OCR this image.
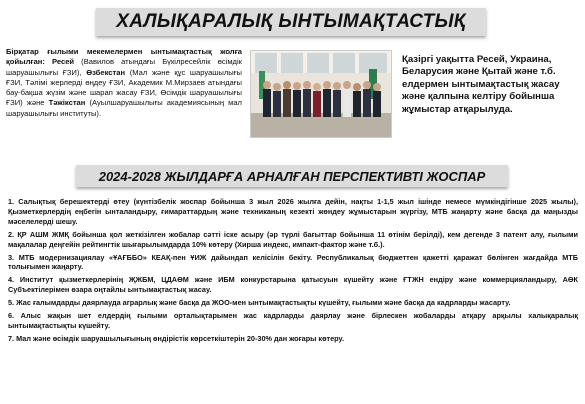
ХАЛЫҚАРАЛЫҚ ЫНТЫМАҚТАСТЫҚ
Бірқатар ғылыми мекемелермен ынтымақтастық жолға қойылған: Ресей (Вавилов атындағы Бүкілресейлік өсімдік шаруашылығы ҒЗИ), Өзбекстан (Мал және құс шаруашылығы ҒЗИ, Тәлімі жерлерді өңдеу ҒЗИ, Академик М.Мирзаев атындағы бау-бақша жүзім және шарап жасау ҒЗИ, Өсімдік шаруашылығы ҒЗИ) және Тәжікстан (Ауылшаруашылығы академиясының мал шаруашылығы институты).
Қазіргі уақытта Ресей, Украина, Беларусия және Қытай және т.б. елдермен ынтымақтастық жасау және қалпына келтіру бойынша жұмыстар атқарылуда.
2024-2028 ЖЫЛДАРҒА АРНАЛҒАН ПЕРСПЕКТИВТІ ЖОСПАР
1. Салықтық берешектерді өтеу (күнтізбелік жоспар бойынша 3 жыл 2026 жылға дейін, нақты 1-1,5 жыл ішінде немесе мүмкіндігінше 2025 жылы), Қызметкерлердің еңбегін ынталандыру, ғимараттардың және техниканың кезекті жөндеу жұмыстарын жүргізу, МТБ жаңарту және басқа да маңызды мәселелерді шешу.
2. ҚР АШМ ЖМҚ бойынша қол жеткізілген жобалар сәтті іске асыру (әр түрлі бағыттар бойынша 11 өтінім берілді), кем дегенде 3 патент алу, ғылыми мақалалар деңгейін рейтингтік шығарылымдарда 10% көтеру (Хирша индекс, импакт-фактор және т.б.).
3. МТБ модернизациялау «ҰАҒББО» КЕАҚ-пен ҰИЖ дайындап келісілін бекіту. Республикалық бюджеттен қажетті қаражат бөлінген жағдайда МТБ толығымен жаңарту.
4. Институт қызметкерлерінің ҖЖБМ, ЦДАӨМ және ИБМ конкурстарына қатысуын күшейту және ҒТЖН ендіру және коммерцияландыру, АӨК Субъектілерімен өзара оңтайлы ынтымақтастық жасау.
5. Жас ғалымдарды даярлауда аграрлық және басқа да ЖОО-мен ынтымақтастықты күшейту, ғылыми және басқа да кадрларды жасарту.
6. Алыс жақын шет елдердің ғылыми орталықтарымен жас кадрларды даярлау және бірлескен жобаларды атқару арқылы халықаралық ынтымақтастықты күшейту.
7. Мал және өсімдік шаруашылығының өндірістік көрсеткіштерін 20-30% дан жоғары көтеру.
